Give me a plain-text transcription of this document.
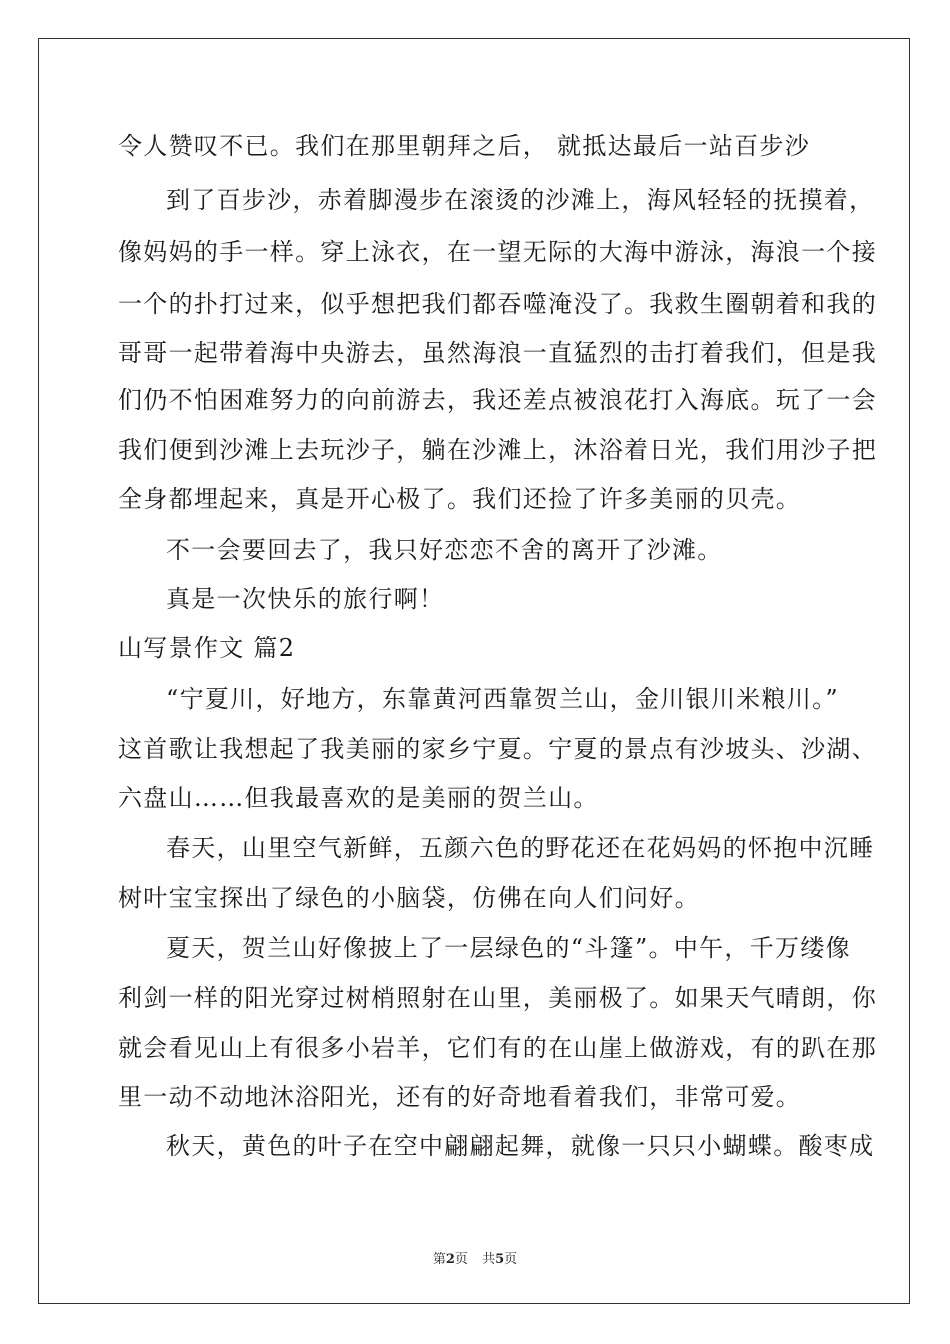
令人赞叹不已。我们在那里朝拜之后， 就抵达最后一站百步沙
到了百步沙，赤着脚漫步在滚烫的沙滩上，海风轻轻的抚摸着，
像妈妈的手一样。穿上泳衣，在一望无际的大海中游泳，海浪一个接
一个的扑打过来，似乎想把我们都吞噬淹没了。我救生圈朝着和我的
哥哥一起带着海中央游去，虽然海浪一直猛烈的击打着我们，但是我
们仍不怕困难努力的向前游去，我还差点被浪花打入海底。玩了一会
我们便到沙滩上去玩沙子，躺在沙滩上，沐浴着日光，我们用沙子把
全身都埋起来，真是开心极了。我们还捡了许多美丽的贝壳。
不一会要回去了，我只好恋恋不舍的离开了沙滩。
真是一次快乐的旅行啊！
山写景作文 篇2
“宁夏川，好地方，东靠黄河西靠贺兰山，金川银川米粮川。”
这首歌让我想起了我美丽的家乡宁夏。宁夏的景点有沙坡头、沙湖、
六盘山……但我最喜欢的是美丽的贺兰山。
春天，山里空气新鲜，五颜六色的野花还在花妈妈的怀抱中沉睡
树叶宝宝探出了绿色的小脑袋，仿佛在向人们问好。
夏天，贺兰山好像披上了一层绿色的“斗篷”。中午，千万缕像
利剑一样的阳光穿过树梢照射在山里，美丽极了。如果天气晴朗，你
就会看见山上有很多小岩羊，它们有的在山崖上做游戏，有的趴在那
里一动不动地沐浴阳光，还有的好奇地看着我们，非常可爱。
秋天，黄色的叶子在空中翩翩起舞，就像一只只小蝴蝶。酸枣成
第2页 共5页
